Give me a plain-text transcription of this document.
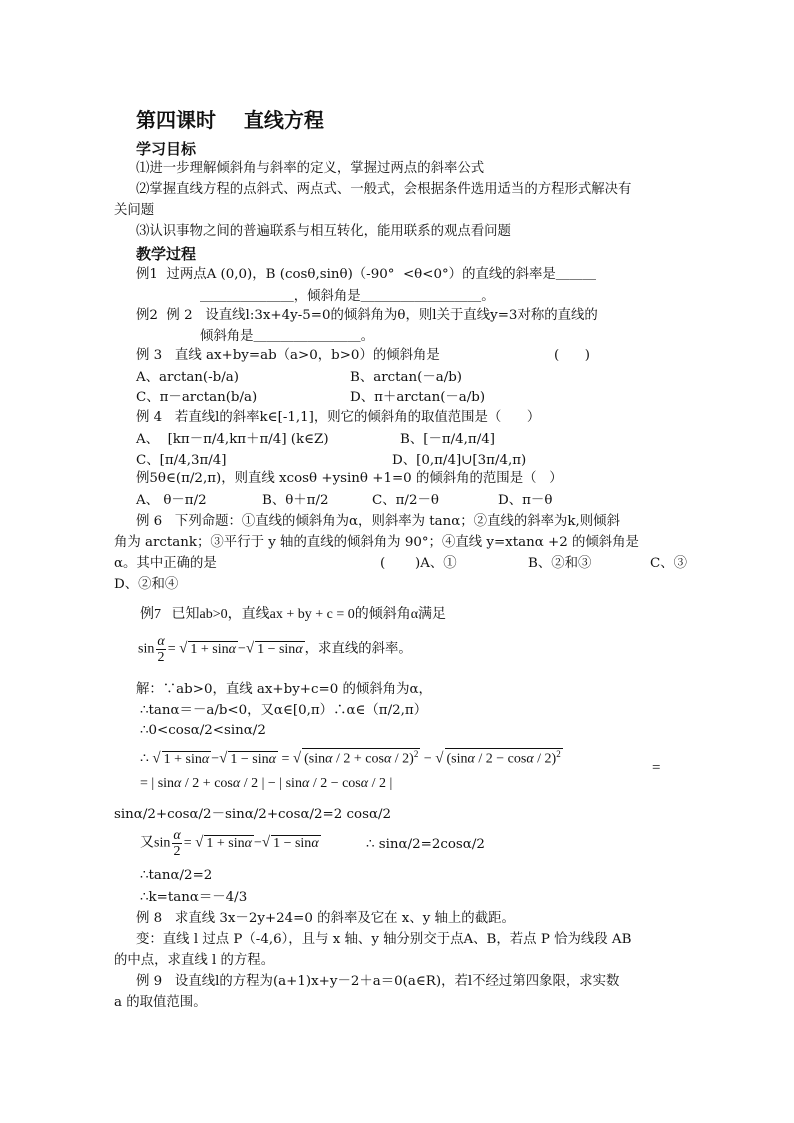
第四课时    直线方程
学习目标
⑴进一步理解倾斜角与斜率的定义，掌握过两点的斜率公式
⑵掌握直线方程的点斜式、两点式、一般式，会根据条件选用适当的方程形式解决有
关问题
⑶认识事物之间的普遍联系与相互转化，能用联系的观点看问题
教学过程
例1  过两点A (0,0)，B (cosθ,sinθ)（-90°  <θ<0°）的直线的斜率是＿＿＿
＿＿＿＿＿＿＿，倾斜角是＿＿＿＿＿＿＿＿＿。
例2  例 2   设直线l:3x+4y-5=0的倾斜角为θ，则l关于直线y=3对称的直线的
倾斜角是＿＿＿＿＿＿＿＿。
例 3   直线 ax+by=ab（a>0，b>0）的倾斜角是	(      )
A、arctan(-b/a)	B、arctan(－a/b)
C、π－arctan(b/a)	D、π＋arctan(－a/b)
例 4   若直线l的斜率k∈[-1,1]，则它的倾斜角的取值范围是（      ）
A、  [kπ－π/4,kπ＋π/4] (k∈Z)	B、[－π/4,π/4]
C、[π/4,3π/4]	D、[0,π/4]∪[3π/4,π)
例5θ∈(π/2,π)，则直线 xcosθ +ysinθ +1=0 的倾斜角的范围是（   ）
A、 θ－π/2	B、θ＋π/2	C、π/2－θ	D、π－θ
例 6   下列命题：①直线的倾斜角为α，则斜率为 tanα；②直线的斜率为k,则倾斜
角为 arctank；③平行于 y 轴的直线的倾斜角为 90°；④直线 y=xtanα +2 的倾斜角是
α。其中正确的是	(       )A、①	B、②和③	C、③
D、②和④
例7   已知ab>0，直线ax + by + c = 0的倾斜角α满足
$\sin \frac{\alpha}{2}$ = √ 1 + sinα −√ 1 − sinα ，求直线的斜率。
解：∵ab>0，直线 ax+by+c=0 的倾斜角为α，
∴tanα＝－a/b<0，又α∈[0,π）∴α∈（π/2,π）
∴0<cosα/2<sinα/2
∴ √ 1 + sinα −√ 1 − sinα = √ $(\sin\alpha / 2 + \cos\alpha / 2)^2$ − √ $(\sin\alpha / 2 - \cos\alpha / 2)^2$
= | sinα / 2 + cosα / 2 | − | sinα / 2 − cosα / 2 |
=
sinα/2+cosα/2－sinα/2+cosα/2=2 cosα/2
又$\sin \frac{\alpha}{2}$ = √ 1 + sinα −√ 1 − sinα	∴ sinα/2=2cosα/2
∴tanα/2=2
∴k=tanα＝－4/3
例 8   求直线 3x－2y+24=0 的斜率及它在 x、y 轴上的截距。
变：直线 l 过点 P（-4,6），且与 x 轴、y 轴分别交于点A、B，若点 P 恰为线段 AB
的中点，求直线 l 的方程。
例 9   设直线l的方程为(a+1)x+y－2＋a＝0(a∈R)，若l不经过第四象限，求实数
a 的取值范围。
